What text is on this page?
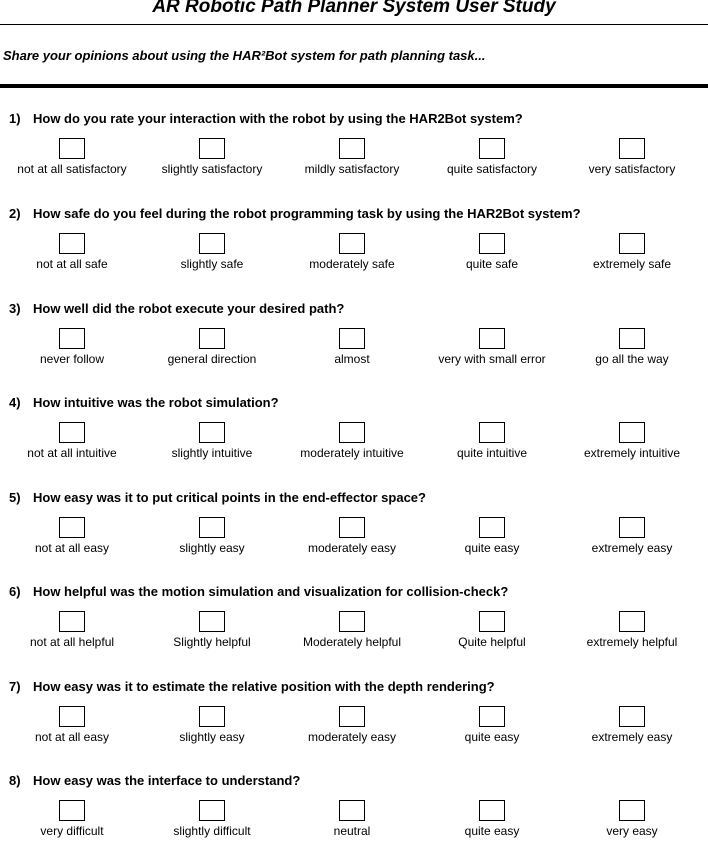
AR Robotic Path Planner System User Study

Share your opinions about using the HAR²Bot system for path planning task...

1) How do you rate your interaction with the robot by using the HAR2Bot system?
not at all satisfactory	slightly satisfactory	mildly satisfactory	quite satisfactory	very satisfactory
2) How safe do you feel during the robot programming task by using the HAR2Bot system?
not at all safe	slightly safe	moderately safe	quite safe	extremely safe
3) How well did the robot execute your desired path?
never follow	general direction	almost	very with small error	go all the way
4) How intuitive was the robot simulation?
not at all intuitive	slightly intuitive	moderately intuitive	quite intuitive	extremely intuitive
5) How easy was it to put critical points in the end-effector space?
not at all easy	slightly easy	moderately easy	quite easy	extremely easy
6) How helpful was the motion simulation and visualization for collision-check?
not at all helpful	Slightly helpful	Moderately helpful	Quite helpful	extremely helpful
7) How easy was it to estimate the relative position with the depth rendering?
not at all easy	slightly easy	moderately easy	quite easy	extremely easy
8) How easy was the interface to understand?
very difficult	slightly difficult	neutral	quite easy	very easy
